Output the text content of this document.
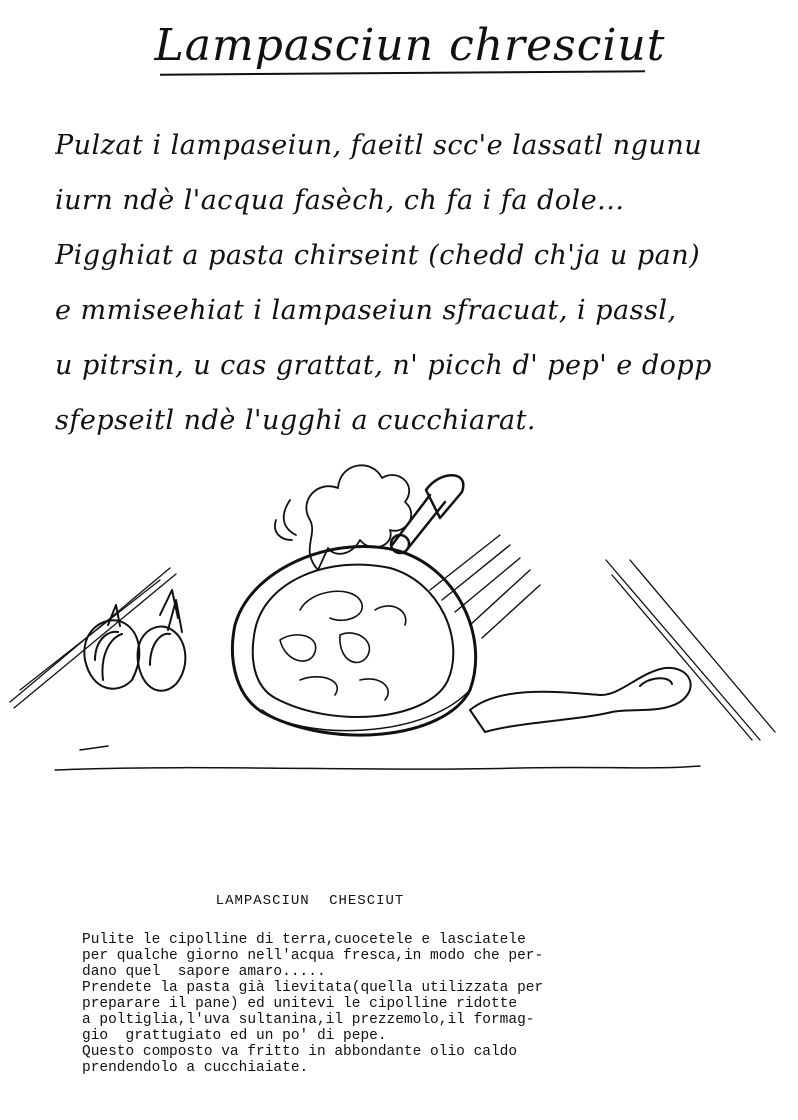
Lampasciun chresciut
Pulzat i lampaseiun, faeitl scc'e lassatl ngunu
iurn ndè l'acqua fasèch, ch fa i fa dole...
Pigghiat a pasta chirseint (chedd ch'ja u pan)
e mmiseehiat i lampaseiun sfracuat, i passl,
u pitrsin, u cas grattat, n' picch d' pep' e dopp
sfepseitl ndè l'ugghi a cucchiarat.
LAMPASCIUN CHESCIUT
Pulite le cipolline di terra,cuocetele e lasciatele
per qualche giorno nell'acqua fresca,in modo che per-
dano quel  sapore amaro.....
Prendete la pasta già lievitata(quella utilizzata per
preparare il pane) ed unitevi le cipolline ridotte
a poltiglia,l'uva sultanina,il prezzemolo,il formag-
gio  grattugiato ed un po' di pepe.
Questo composto va fritto in abbondante olio caldo
prendendolo a cucchiaiate.
